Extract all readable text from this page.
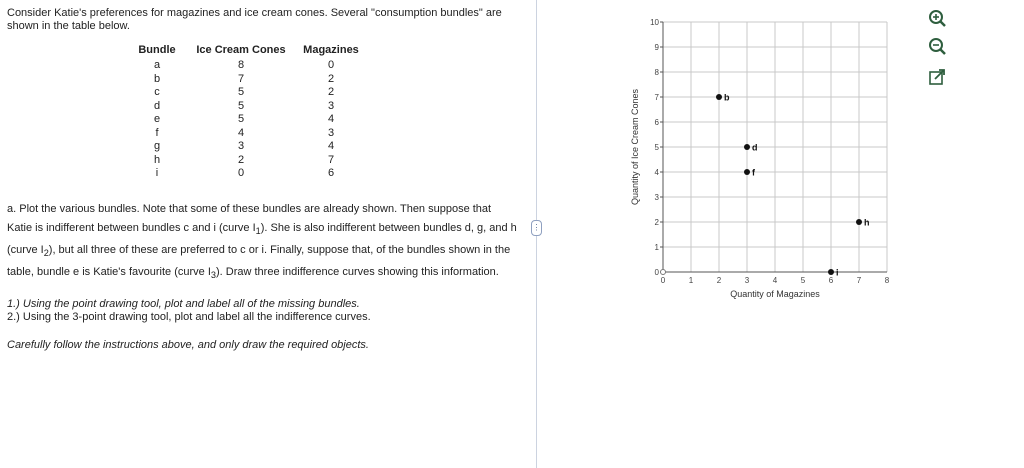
Consider Katie's preferences for magazines and ice cream cones. Several "consumption bundles" are shown in the table below.
Bundle	Ice Cream Cones	Magazines
a	8	0
b	7	2
c	5	2
d	5	3
e	5	4
f	4	3
g	3	4
h	2	7
i	0	6

a. Plot the various bundles. Note that some of these bundles are already shown. Then suppose that Katie is indifferent between bundles c and i (curve $I_1$). She is also indifferent between bundles d, g, and h (curve $I_2$), but all three of these are preferred to c or i. Finally, suppose that, of the bundles shown in the table, bundle e is Katie's favourite (curve $I_3$). Draw three indifference curves showing this information.

1.) Using the point drawing tool, plot and label all of the missing bundles.
2.) Using the 3-point drawing tool, plot and label all the indifference curves.
Carefully follow the instructions above, and only draw the required objects.
⋮
0	1	2	3	4	5	6	7	8
0
1
2
3
4
5
6
7
8
9
10
Quantity of Magazines
Quantity of Ice Cream Cones	b
d
f
h
i
